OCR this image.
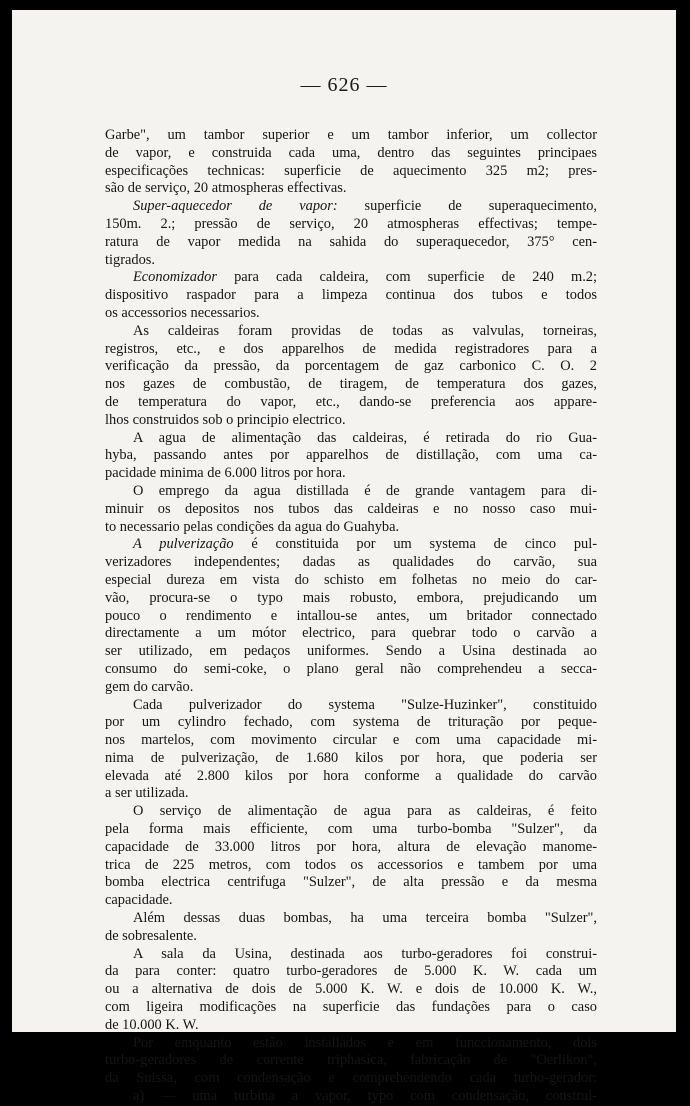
— 626 —
Garbe", um tambor superior e um tambor inferior, um collector
de vapor, e construida cada uma, dentro das seguintes principaes
especificações technicas: superficie de aquecimento 325 m2; pres-
são de serviço, 20 atmospheras effectivas.
Super-aquecedor de vapor: superficie de superaquecimento,
150m. 2.; pressão de serviço, 20 atmospheras effectivas; tempe-
ratura de vapor medida na sahida do superaquecedor, 375° cen-
tigrados.
Economizador para cada caldeira, com superficie de 240 m.2;
dispositivo raspador para a limpeza continua dos tubos e todos
os accessorios necessarios.
As caldeiras foram providas de todas as valvulas, torneiras,
registros, etc., e dos apparelhos de medida registradores para a
verificação da pressão, da porcentagem de gaz carbonico C. O. 2
nos gazes de combustão, de tiragem, de temperatura dos gazes,
de temperatura do vapor, etc., dando-se preferencia aos appare-
lhos construidos sob o principio electrico.
A agua de alimentação das caldeiras, é retirada do rio Gua-
hyba, passando antes por apparelhos de distillação, com uma ca-
pacidade minima de 6.000 litros por hora.
O emprego da agua distillada é de grande vantagem para di-
minuir os depositos nos tubos das caldeiras e no nosso caso mui-
to necessario pelas condições da agua do Guahyba.
A pulverização é constituida por um systema de cinco pul-
verizadores independentes; dadas as qualidades do carvão, sua
especial dureza em vista do schisto em folhetas no meio do car-
vão, procura-se o typo mais robusto, embora, prejudicando um
pouco o rendimento e intallou-se antes, um britador connectado
directamente a um mótor electrico, para quebrar todo o carvão a
ser utilizado, em pedaços uniformes. Sendo a Usina destinada ao
consumo do semi-coke, o plano geral não comprehendeu a secca-
gem do carvão.
Cada pulverizador do systema "Sulze-Huzinker", constituido
por um cylindro fechado, com systema de trituração por peque-
nos martelos, com movimento circular e com uma capacidade mi-
nima de pulverização, de 1.680 kilos por hora, que poderia ser
elevada até 2.800 kilos por hora conforme a qualidade do carvão
a ser utilizada.
O serviço de alimentação de agua para as caldeiras, é feito
pela forma mais efficiente, com uma turbo-bomba "Sulzer", da
capacidade de 33.000 litros por hora, altura de elevação manome-
trica de 225 metros, com todos os accessorios e tambem por uma
bomba electrica centrifuga "Sulzer", de alta pressão e da mesma
capacidade.
Além dessas duas bombas, ha uma terceira bomba "Sulzer",
de sobresalente.
A sala da Usina, destinada aos turbo-geradores foi construi-
da para conter: quatro turbo-geradores de 5.000 K. W. cada um
ou a alternativa de dois de 5.000 K. W. e dois de 10.000 K. W.,
com ligeira modificações na superficie das fundações para o caso
de 10.000 K. W.
Por emquanto estão installados e em funccionamento, dois
turbo-geradores de corrente triphasica, fabricação de "Oerlikon",
da Suissa, com condensação e comprehendendo cada turbo-gerador:
a) — uma turbina a vapor, typo com condensação, construi-
